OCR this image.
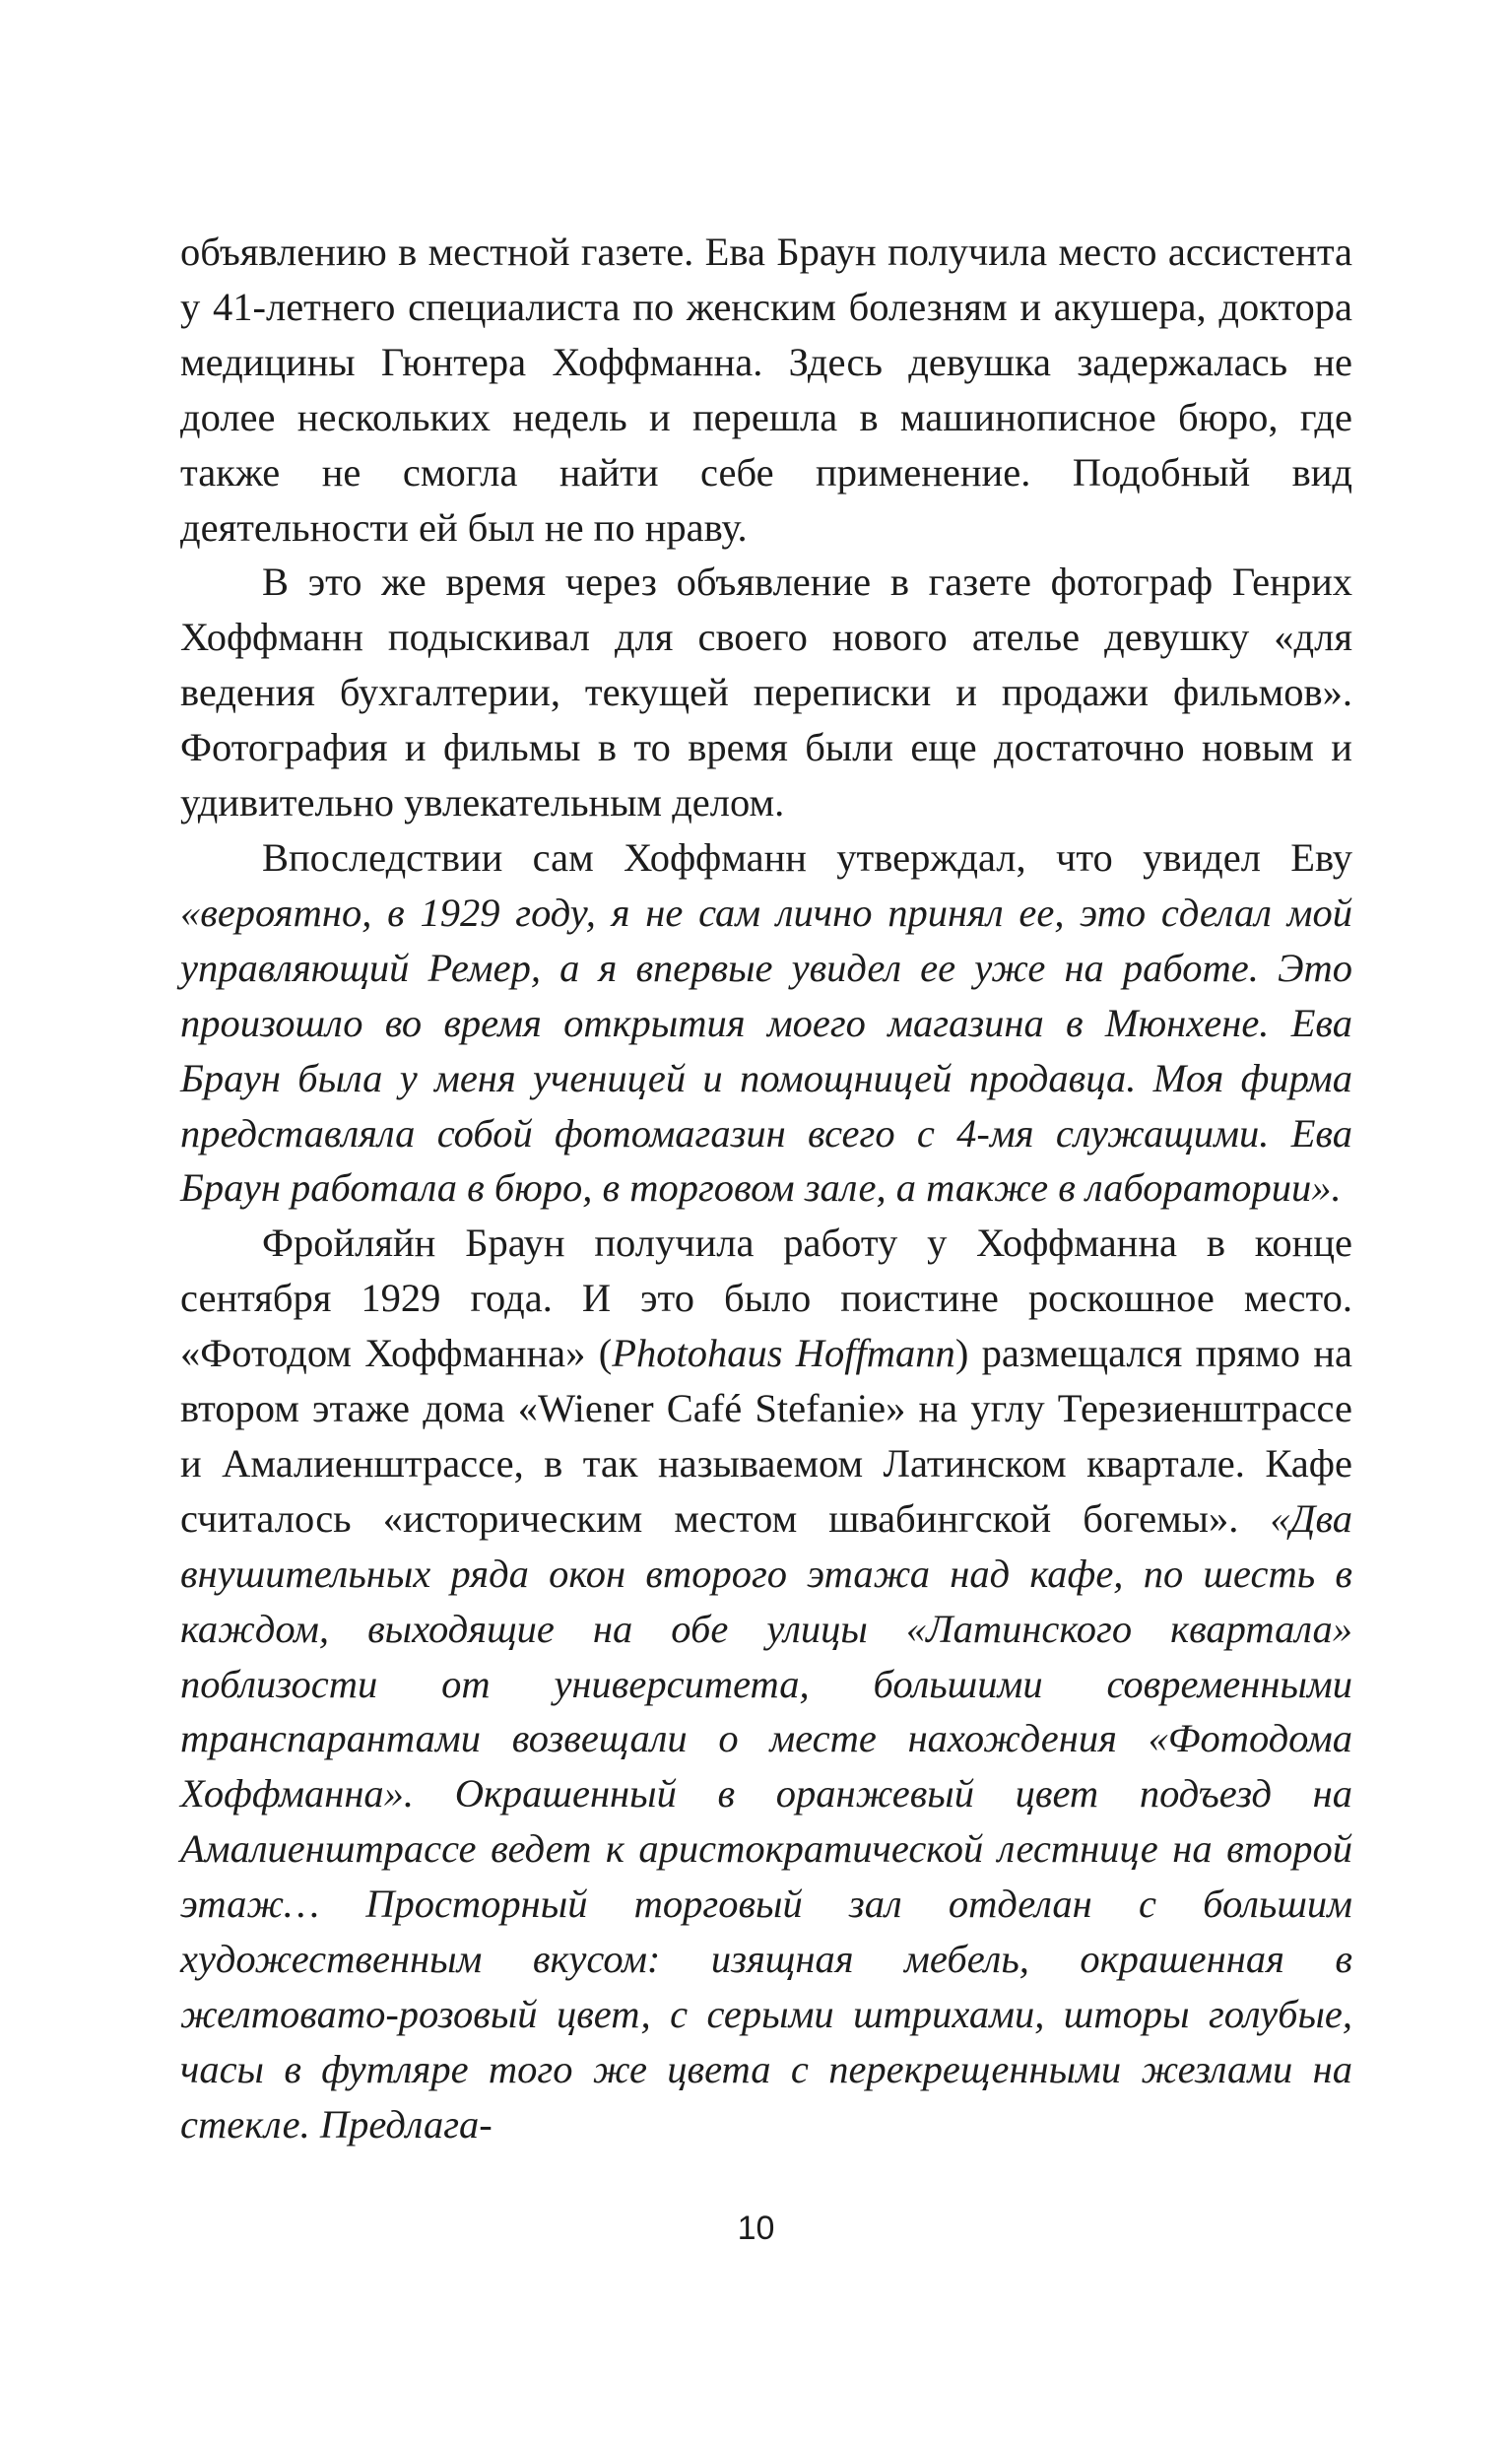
объявлению в местной газете. Ева Браун получила место ассистента у 41-летнего специалиста по женским болезням и акушера, доктора медицины Гюнтера Хоффманна. Здесь девушка задержалась не долее нескольких недель и перешла в машинописное бюро, где также не смогла найти себе применение. Подобный вид деятельности ей был не по нраву.

В это же время через объявление в газете фотограф Генрих Хоффманн подыскивал для своего нового ателье девушку «для ведения бухгалтерии, текущей переписки и продажи фильмов». Фотография и фильмы в то время были еще достаточно новым и удивительно увлекательным делом.

Впоследствии сам Хоффманн утверждал, что увидел Еву «вероятно, в 1929 году, я не сам лично принял ее, это сделал мой управляющий Ремер, а я впервые увидел ее уже на работе. Это произошло во время открытия моего магазина в Мюнхене. Ева Браун была у меня ученицей и помощницей продавца. Моя фирма представляла собой фотомагазин всего с 4-мя служащими. Ева Браун работала в бюро, в торговом зале, а также в лаборатории».

Фройляйн Браун получила работу у Хоффманна в конце сентября 1929 года. И это было поистине роскошное место. «Фотодом Хоффманна» (Photohaus Hoffmann) размещался прямо на втором этаже дома «Wiener Café Stefanie» на углу Терезиенштрассе и Амалиенштрассе, в так называемом Латинском квартале. Кафе считалось «историческим местом швабингской богемы». «Два внушительных ряда окон второго этажа над кафе, по шесть в каждом, выходящие на обе улицы «Латинского квартала» поблизости от университета, большими современными транспарантами возвещали о месте нахождения «Фотодома Хоффманна». Окрашенный в оранжевый цвет подъезд на Амалиенштрассе ведет к аристократической лестнице на второй этаж… Просторный торговый зал отделан с большим художественным вкусом: изящная мебель, окрашенная в желтовато-розовый цвет, с серыми штрихами, шторы голубые, часы в футляре того же цвета с перекрещенными жезлами на стекле. Предлага-

10
